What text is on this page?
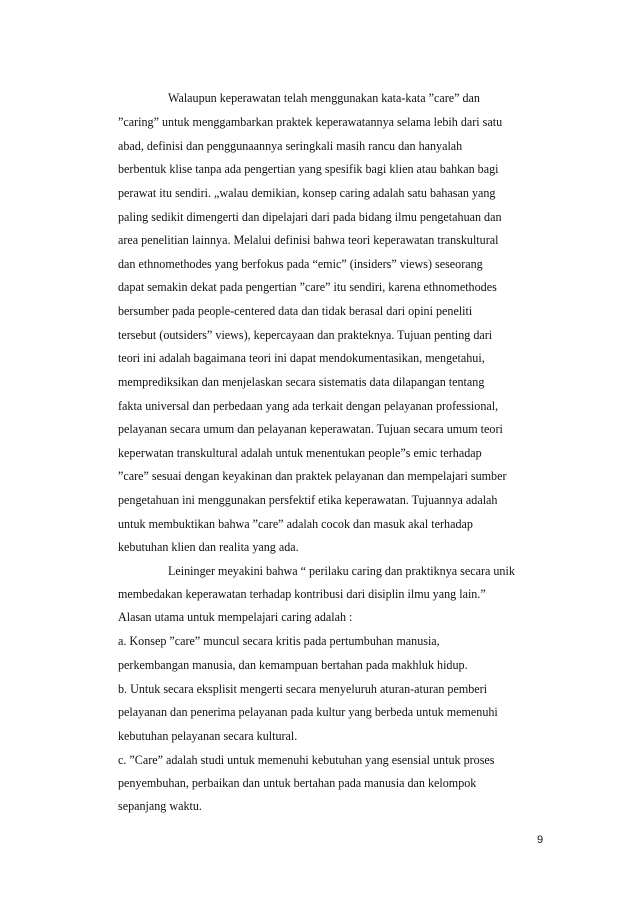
Walaupun keperawatan telah menggunakan kata-kata ”care” dan
”caring” untuk menggambarkan praktek keperawatannya selama lebih dari satu
abad, definisi dan penggunaannya seringkali masih rancu dan hanyalah
berbentuk klise tanpa ada pengertian yang spesifik bagi klien atau bahkan bagi
perawat itu sendiri. „walau demikian, konsep caring adalah satu bahasan yang
paling sedikit dimengerti dan dipelajari dari pada bidang ilmu pengetahuan dan
area penelitian lainnya. Melalui definisi bahwa teori keperawatan transkultural
dan ethnomethodes yang berfokus pada “emic” (insiders” views) seseorang
dapat semakin dekat pada pengertian ”care” itu sendiri, karena ethnomethodes
bersumber pada people-centered data dan tidak berasal dari opini peneliti
tersebut (outsiders” views), kepercayaan dan prakteknya. Tujuan penting dari
teori ini adalah bagaimana teori ini dapat mendokumentasikan, mengetahui,
memprediksikan dan menjelaskan secara sistematis data dilapangan tentang
fakta universal dan perbedaan yang ada terkait dengan pelayanan professional,
pelayanan secara umum dan pelayanan keperawatan. Tujuan secara umum teori
keperwatan transkultural adalah untuk menentukan people”s emic terhadap
”care” sesuai dengan keyakinan dan praktek pelayanan dan mempelajari sumber
pengetahuan ini menggunakan persfektif etika keperawatan. Tujuannya adalah
untuk membuktikan bahwa ”care” adalah cocok dan masuk akal terhadap
kebutuhan klien dan realita yang ada.
Leininger meyakini bahwa “ perilaku caring dan praktiknya secara unik
membedakan keperawatan terhadap kontribusi dari disiplin ilmu yang lain.”
Alasan utama untuk mempelajari caring adalah :
a. Konsep ”care” muncul secara kritis pada pertumbuhan manusia,
perkembangan manusia, dan kemampuan bertahan pada makhluk hidup.
b. Untuk secara eksplisit mengerti secara menyeluruh aturan-aturan pemberi
pelayanan dan penerima pelayanan pada kultur yang berbeda untuk memenuhi
kebutuhan pelayanan secara kultural.
c. ”Care” adalah studi untuk memenuhi kebutuhan yang esensial untuk proses
penyembuhan, perbaikan dan untuk bertahan pada manusia dan kelompok
sepanjang waktu.
9
